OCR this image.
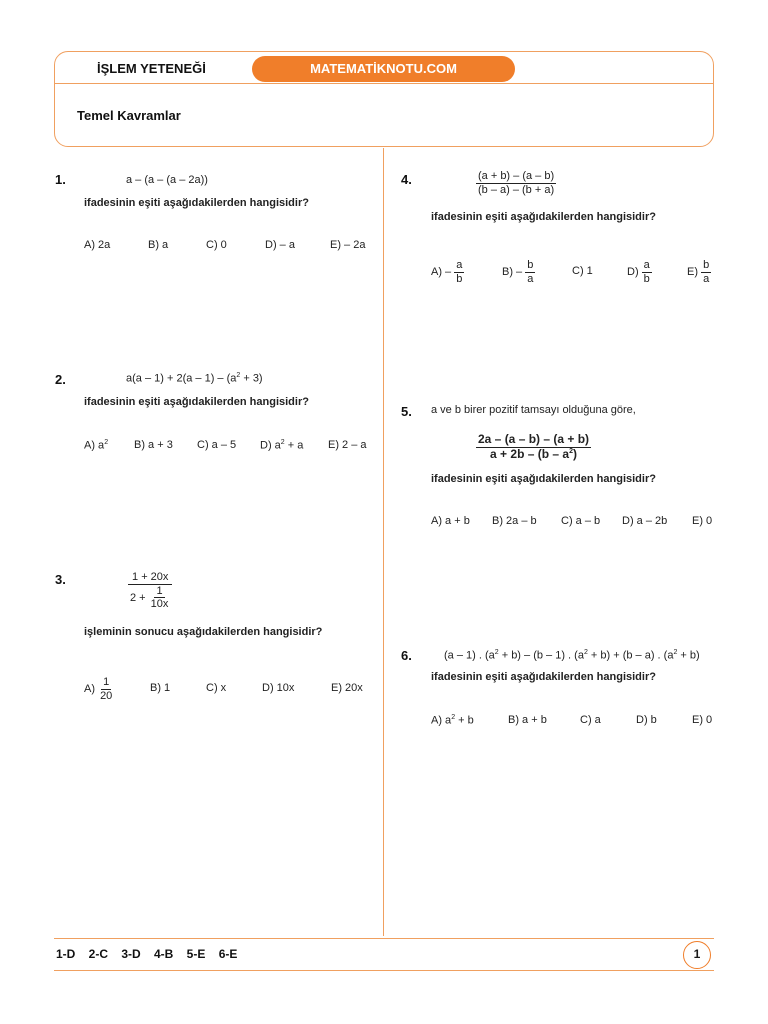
İŞLEM YETENEĞİ	MATEMATİKNOTU.COM
Temel Kavramlar
1.	a – (a – (a – 2a))
ifadesinin eşiti aşağıdakilerden hangisidir?
A) 2a	B) a	C) 0	D) – a	E) – 2a
2.	$a(a - 1) + 2(a - 1) - (a^2 + 3)$
ifadesinin eşiti aşağıdakilerden hangisidir?
A) $a^2$ B) a + 3 C) a – 5 D) $a^2 + a$ E) 2 – a
3.	$\frac{1 + 20x}{2 + \frac{1}{10x}}$
işleminin sonucu aşağıdakilerden hangisidir?
$A) \frac{1}{20}$	B) 1	C) x	D) 10x	E) 20x
4.	$\frac{(a + b) - (a - b)}{(b - a) - (b + a)}$
ifadesinin eşiti aşağıdakilerden hangisidir?
$A) - \frac{a}{b}$	$B) - \frac{b}{a}$	C) 1	$D) \frac{a}{b}$	$E) \frac{b}{a}$
5. a ve b birer pozitif tamsayı olduğuna göre,
$\frac{2a - (a - b) - (a + b)}{a + 2b - (b - a^2)}$
ifadesinin eşiti aşağıdakilerden hangisidir?
A) a + b B) 2a – b C) a – b D) a – 2b E) 0
6.	(a – 1) . $(a^2 + b) - (b - 1)$ . $(a^2 + b) + (b - a)$ . $(a^2 + b)$
ifadesinin eşiti aşağıdakilerden hangisidir?
A) $a^2 + b$	B) a + b	C) a	D) b	E) 0
1-D 2-C 3-D 4-B 5-E 6-E	1
